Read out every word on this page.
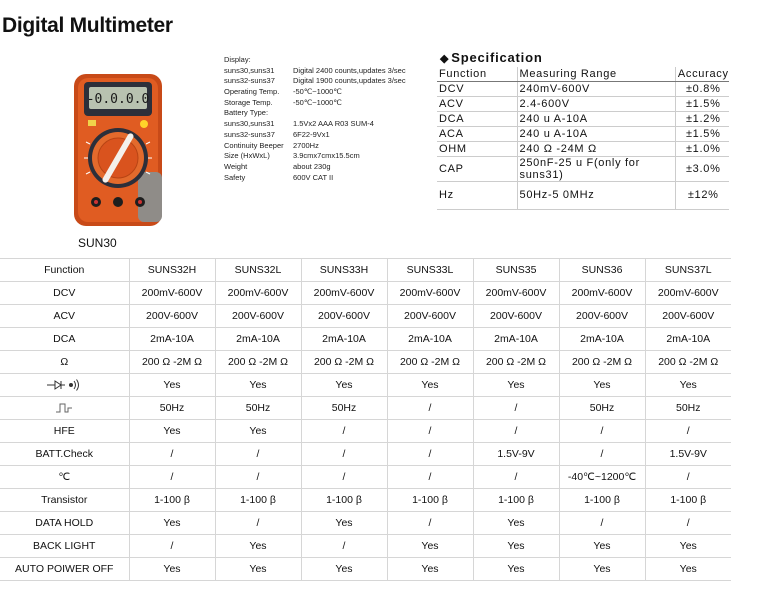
Digital Multimeter
-0.0.0.0
SUN30
Display:
suns30,suns31	Digital 2400 counts,updates 3/sec
suns32-suns37	Digital 1900 counts,updates 3/sec
Operating Temp.	-50℃~1000℃
Storage Temp.	-50℃~1000℃
Battery Type:
suns30,suns31	1.5Vx2 AAA R03 SUM-4
suns32-suns37	6F22-9Vx1
Continuity Beeper	2700Hz
Size (HxWxL)	3.9cmx7cmx15.5cm
Weight	about 230g
Safety	600V CAT II
◆ Specification
Function	Measuring Range	Accuracy
DCV	240mV-600V	±0.8%
ACV	2.4-600V	±1.5%
DCA	240 u A-10A	±1.2%
ACA	240 u A-10A	±1.5%
OHM	240 Ω -24M Ω	±1.0%
CAP	250nF-25 u F(only for suns31)	±3.0%
Hz	50Hz-5 0MHz	±12%
Function	SUNS32H	SUNS32L	SUNS33H	SUNS33L	SUNS35	SUNS36	SUNS37L
DCV	200mV-600V	200mV-600V	200mV-600V	200mV-600V	200mV-600V	200mV-600V	200mV-600V
ACV	200V-600V	200V-600V	200V-600V	200V-600V	200V-600V	200V-600V	200V-600V
DCA	2mA-10A	2mA-10A	2mA-10A	2mA-10A	2mA-10A	2mA-10A	2mA-10A
Ω	200 Ω -2M Ω	200 Ω -2M Ω	200 Ω -2M Ω	200 Ω -2M Ω	200 Ω -2M Ω	200 Ω -2M Ω	200 Ω -2M Ω
	Yes	Yes	Yes	Yes	Yes	Yes	Yes
	50Hz	50Hz	50Hz	/	/	50Hz	50Hz
HFE	Yes	Yes	/	/	/	/	/
BATT.Check	/	/	/	/	1.5V-9V	/	1.5V-9V
℃	/	/	/	/	/	-40℃~1200℃	/
Transistor	1-100 β	1-100 β	1-100 β	1-100 β	1-100 β	1-100 β	1-100 β
DATA HOLD	Yes	/	Yes	/	Yes	/	/
BACK LIGHT	/	Yes	/	Yes	Yes	Yes	Yes
AUTO POIWER OFF	Yes	Yes	Yes	Yes	Yes	Yes	Yes
